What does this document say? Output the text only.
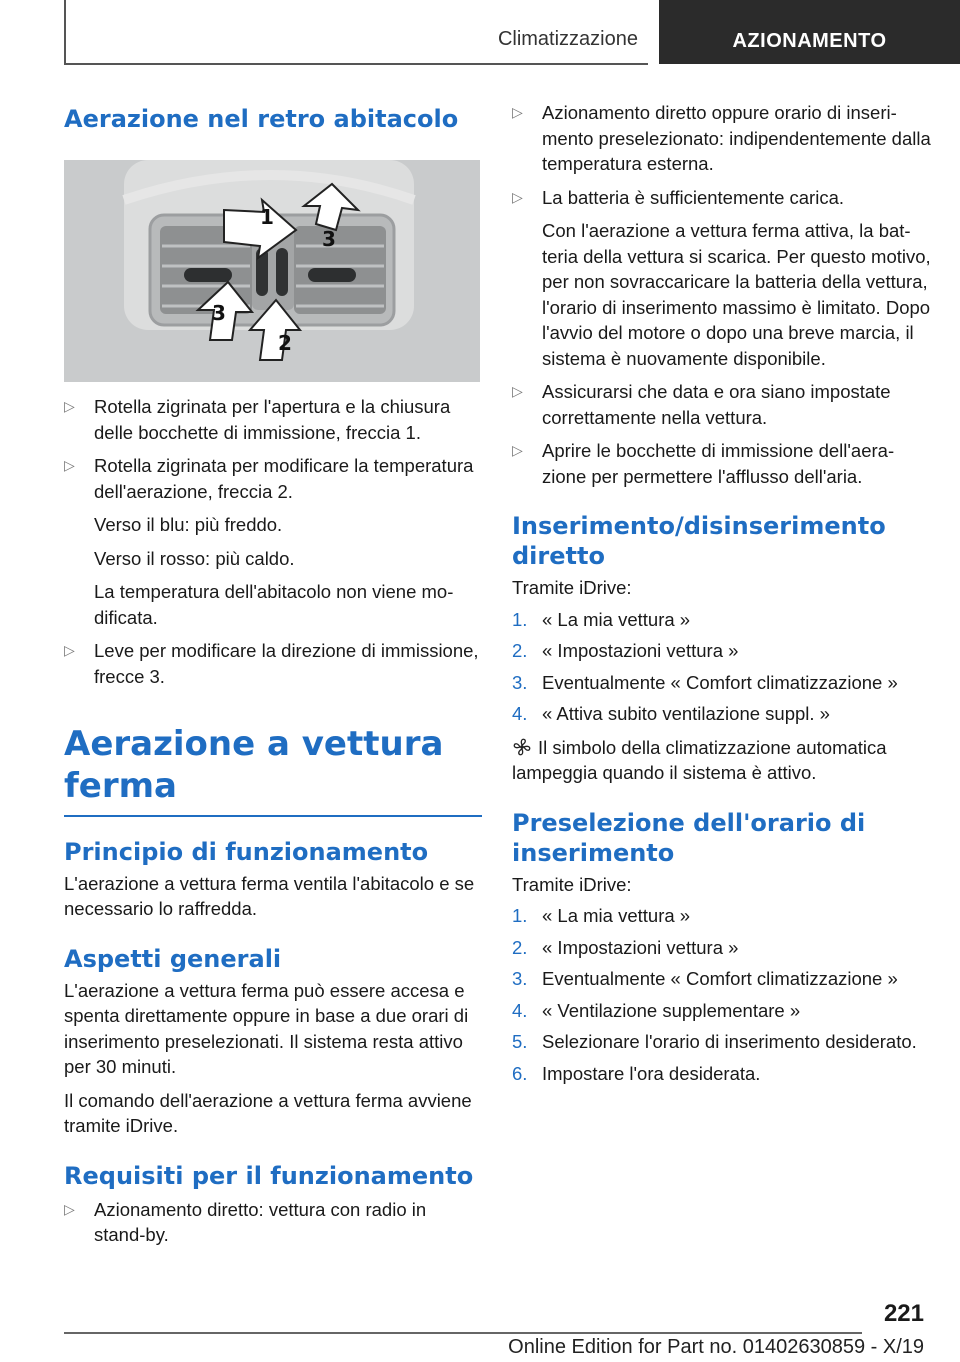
Climatizzazione	AZIONAMENTO
Aerazione nel retro abitacolo
1
2
3
3
▷	Rotella zigrinata per l'apertura e la chiusura delle bocchette di immissione, freccia 1.
▷	Rotella zigrinata per modificare la temperatura dell'aerazione, freccia 2.

Verso il blu: più freddo.

Verso il rosso: più caldo.

La temperatura dell'abitacolo non viene modificata.

▷	Leve per modificare la direzione di immissione, frecce 3.
Aerazione a vettura ferma
Principio di funzionamento

L'aerazione a vettura ferma ventila l'abitacolo e se necessario lo raffredda.

Aspetti generali

L'aerazione a vettura ferma può essere accesa e spenta direttamente oppure in base a due orari di inserimento preselezionati. Il sistema resta attivo per 30 minuti.

Il comando dell'aerazione a vettura ferma avviene tramite iDrive.

Requisiti per il funzionamento
▷	Azionamento diretto: vettura con radio in stand-by.
▷	Azionamento diretto oppure orario di inserimento preselezionato: indipendentemente dalla temperatura esterna.
▷	La batteria è sufficientemente carica.

Con l'aerazione a vettura ferma attiva, la batteria della vettura si scarica. Per questo motivo, per non sovraccaricare la batteria della vettura, l'orario di inserimento massimo è limitato. Dopo l'avvio del motore o dopo una breve marcia, il sistema è nuovamente disponibile.

▷	Assicurarsi che data e ora siano impostate correttamente nella vettura.
▷	Aprire le bocchette di immissione dell'aerazione per permettere l'afflusso dell'aria.
Inserimento/disinserimento diretto

Tramite iDrive:

1. « La mia vettura »
2. « Impostazioni vettura »
3. Eventualmente « Comfort climatizzazione »
4. « Attiva subito ventilazione suppl. »

Il simbolo della climatizzazione automatica lampeggia quando il sistema è attivo.

Preselezione dell'orario di inserimento

Tramite iDrive:

1. « La mia vettura »
2. « Impostazioni vettura »
3. Eventualmente « Comfort climatizzazione »
4. « Ventilazione supplementare »
5. Selezionare l'orario di inserimento desiderato.
6. Impostare l'ora desiderata.
221
Online Edition for Part no. 01402630859 - X/19
